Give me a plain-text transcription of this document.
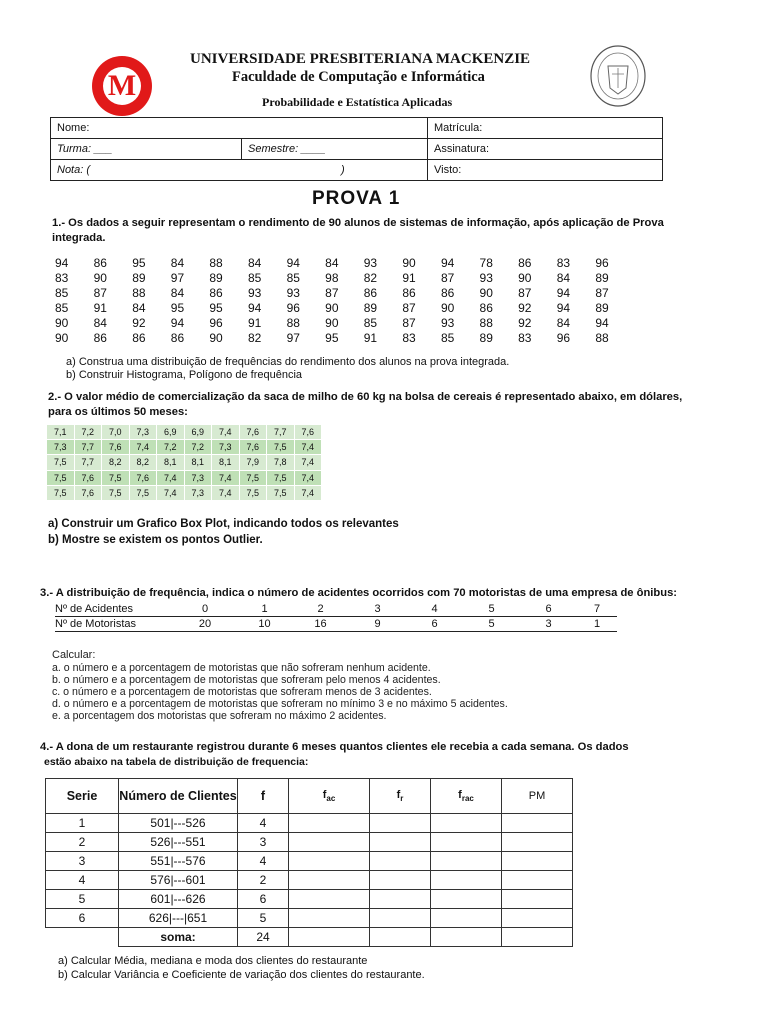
M
UNIVERSIDADE PRESBITERIANA MACKENZIE
Faculdade de Computação e Informática
Probabilidade e Estatística Aplicadas
Nome:		Matrícula:
Turma: ___	Semestre: ____	Assinatura:
Nota: ( )		Visto:
PROVA 1
1.- Os dados a seguir representam o rendimento de 90 alunos de sistemas de informação, após aplicação de Prova integrada.
94	86	95	84	88	84	94	84	93	90	94	78	86	83	96
83	90	89	97	89	85	85	98	82	91	87	93	90	84	89
85	87	88	84	86	93	93	87	86	86	86	90	87	94	87
85	91	84	95	95	94	96	90	89	87	90	86	92	94	89
90	84	92	94	96	91	88	90	85	87	93	88	92	84	94
90	86	86	86	90	82	97	95	91	83	85	89	83	96	88
a) Construa uma distribuição de frequências do rendimento dos alunos na prova integrada.
b) Construir Histograma, Polígono de frequência
2.- O valor médio de comercialização da saca de milho de 60 kg na bolsa de cereais é representado abaixo, em dólares, para os últimos 50 meses:
7,1	7,2	7,0	7,3	6,9	6,9	7,4	7,6	7,7	7,6
7,3	7,7	7,6	7,4	7,2	7,2	7,3	7,6	7,5	7,4
7,5	7,7	8,2	8,2	8,1	8,1	8,1	7,9	7,8	7,4
7,5	7,6	7,5	7,6	7,4	7,3	7,4	7,5	7,5	7,4
7,5	7,6	7,5	7,5	7,4	7,3	7,4	7,5	7,5	7,4
a) Construir um Grafico Box Plot, indicando todos os relevantes
b) Mostre se existem os pontos Outlier.
3.- A distribuição de frequência, indica o número de acidentes ocorridos com 70 motoristas de uma empresa de ônibus:
Nº de Acidentes	0	1	2	3	4	5	6	7
Nº de Motoristas	20	10	16	9	6	5	3	1
Calcular:
a. o número e a porcentagem de motoristas que não sofreram nenhum acidente.
b. o número e a porcentagem de motoristas que sofreram pelo menos 4 acidentes.
c. o número e a porcentagem de motoristas que sofreram menos de 3 acidentes.
d. o número e a porcentagem de motoristas que sofreram no mínimo 3 e no máximo 5 acidentes.
e. a porcentagem dos motoristas que sofreram no máximo 2 acidentes.
4.- A dona de um restaurante registrou durante 6 meses quantos clientes ele recebia a cada semana. Os dados
estão abaixo na tabela de distribuição de frequencia:
Serie	Número de Clientes	f	$f_{ac}$	$f_r$	$f_{rac}$	PM
1	501|---526	4				
2	526|---551	3				
3	551|---576	4				
4	576|---601	2				
5	601|---626	6				
6	626|---|651	5				
	soma:	24				
a) Calcular Média, mediana e moda dos clientes do restaurante
b) Calcular Variância e Coeficiente de variação dos clientes do restaurante.
